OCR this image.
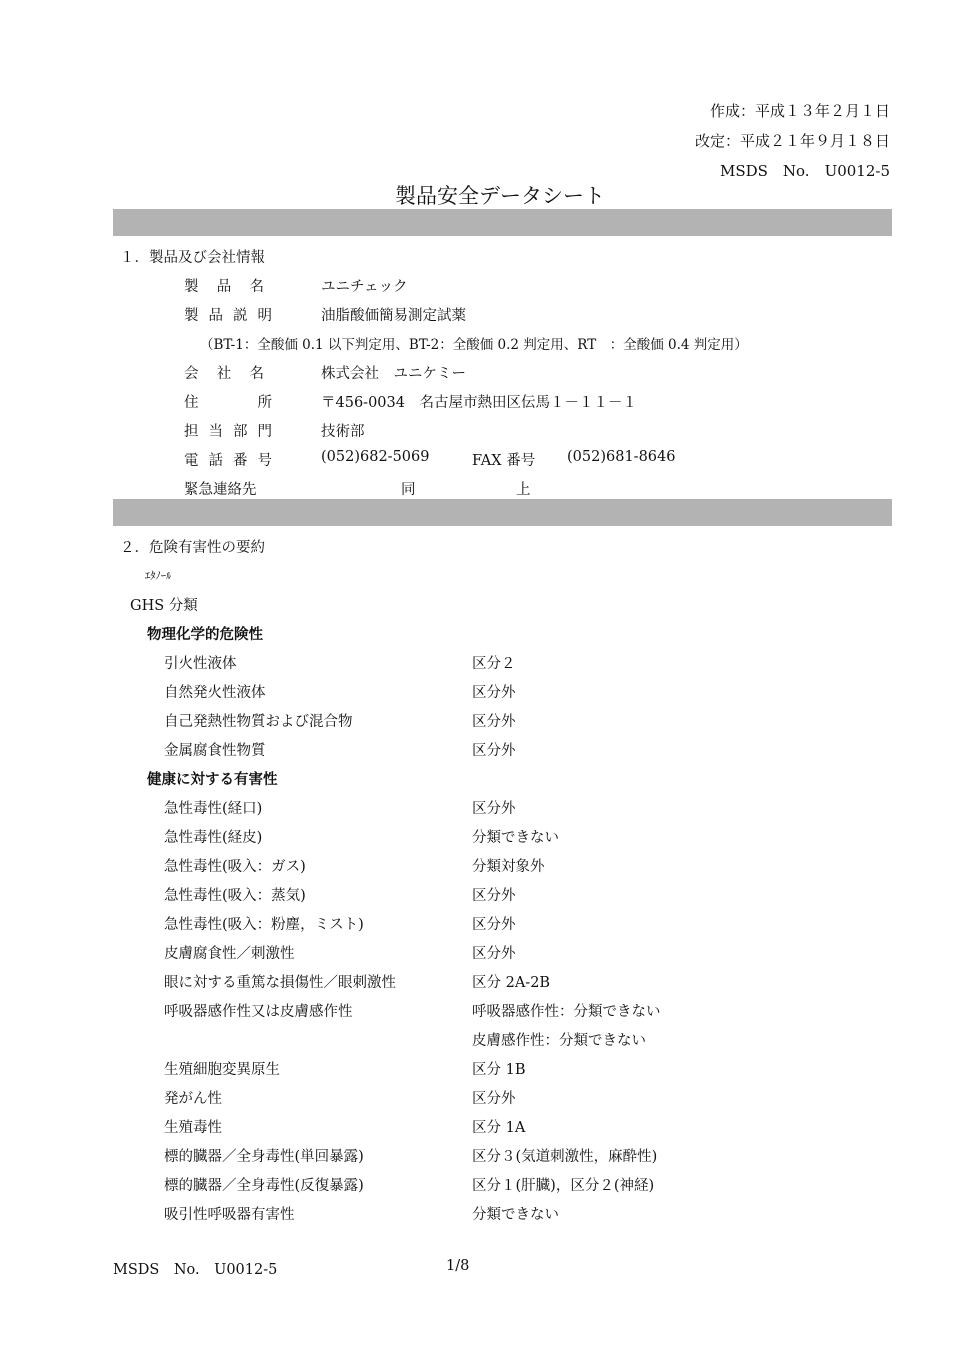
作成：平成１３年２月１日
改定：平成２１年９月１８日
MSDS　No.　U0012-5
製品安全データシート
１．製品及び会社情報
製品名	ユニチェック
製品説明	油脂酸価簡易測定試薬
（BT-1：全酸価 0.1 以下判定用、BT-2：全酸価 0.2 判定用、RT　：全酸価 0.4 判定用）
会社名	株式会社　ユニケミー
住所	〒456-0034　名古屋市熱田区伝馬１－１１－１
担当部門	技術部
電話番号	(052)682-5069	FAX 番号 (052)681-8646
緊急連絡先	同	上
２．危険有害性の要約
ｴﾀﾉｰﾙ
GHS 分類
物理化学的危険性
引火性液体	区分２
自然発火性液体	区分外
自己発熱性物質および混合物	区分外
金属腐食性物質	区分外
健康に対する有害性
急性毒性(経口)	区分外
急性毒性(経皮)	分類できない
急性毒性(吸入：ガス)	分類対象外
急性毒性(吸入：蒸気)	区分外
急性毒性(吸入：粉塵，ミスト)	区分外
皮膚腐食性／刺激性	区分外
眼に対する重篤な損傷性／眼刺激性	区分 2A-2B
呼吸器感作性又は皮膚感作性	呼吸器感作性：分類できない
皮膚感作性：分類できない
生殖細胞変異原生	区分 1B
発がん性	区分外
生殖毒性	区分 1A
標的臓器／全身毒性(単回暴露)	区分３(気道刺激性，麻酔性)
標的臓器／全身毒性(反復暴露)	区分１(肝臓)，区分２(神経)
吸引性呼吸器有害性	分類できない
MSDS　No.　U0012-5	1/8
